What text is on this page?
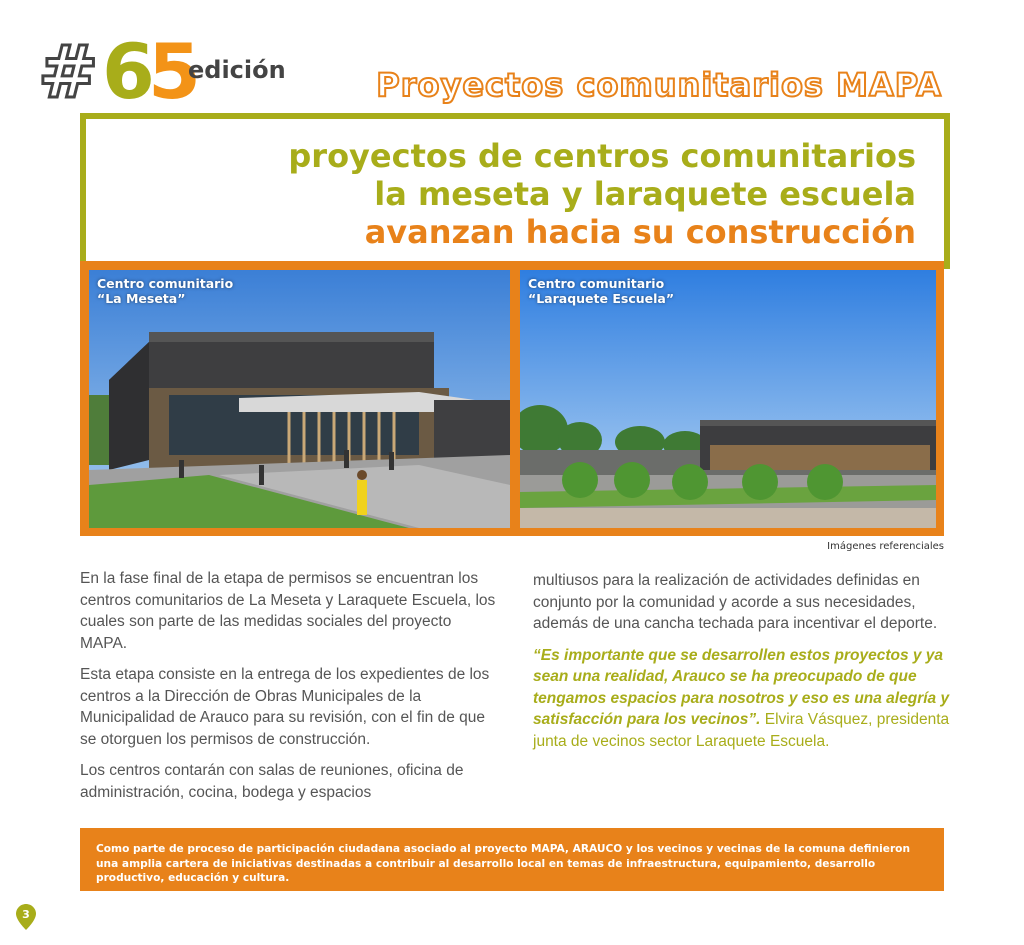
# 6
5
edición	Proyectos comunitarios MAPA
proyectos de centros comunitarios
la meseta y laraquete escuela
avanzan hacia su construcción
Centro comunitario
“La Meseta”
Centro comunitario
“Laraquete Escuela”
Imágenes referenciales

En la fase final de la etapa de permisos se encuentran los centros comunitarios de La Meseta y Laraquete Escuela, los cuales son parte de las medidas sociales del proyecto MAPA.

Esta etapa consiste en la entrega de los expedientes de los centros a la Dirección de Obras Municipales de la Municipalidad de Arauco para su revisión, con el fin de que se otorguen los permisos de construcción.

Los centros contarán con salas de reuniones, oficina de administración, cocina, bodega y espacios

multiusos para la realización de actividades definidas en conjunto por la comunidad y acorde a sus necesidades, además de una cancha techada para incentivar el deporte.

“Es importante que se desarrollen estos proyectos y ya sean una realidad, Arauco se ha preocupado de que tengamos espacios para nosotros y eso es una alegría y satisfacción para los vecinos”. Elvira Vásquez, presidenta junta de vecinos sector Laraquete Escuela.

Como parte de proceso de participación ciudadana asociado al proyecto MAPA, ARAUCO y los vecinos y vecinas de la comuna definieron una amplia cartera de iniciativas destinadas a contribuir al desarrollo local en temas de infraestructura, equipamiento, desarrollo productivo, educación y cultura.

3
